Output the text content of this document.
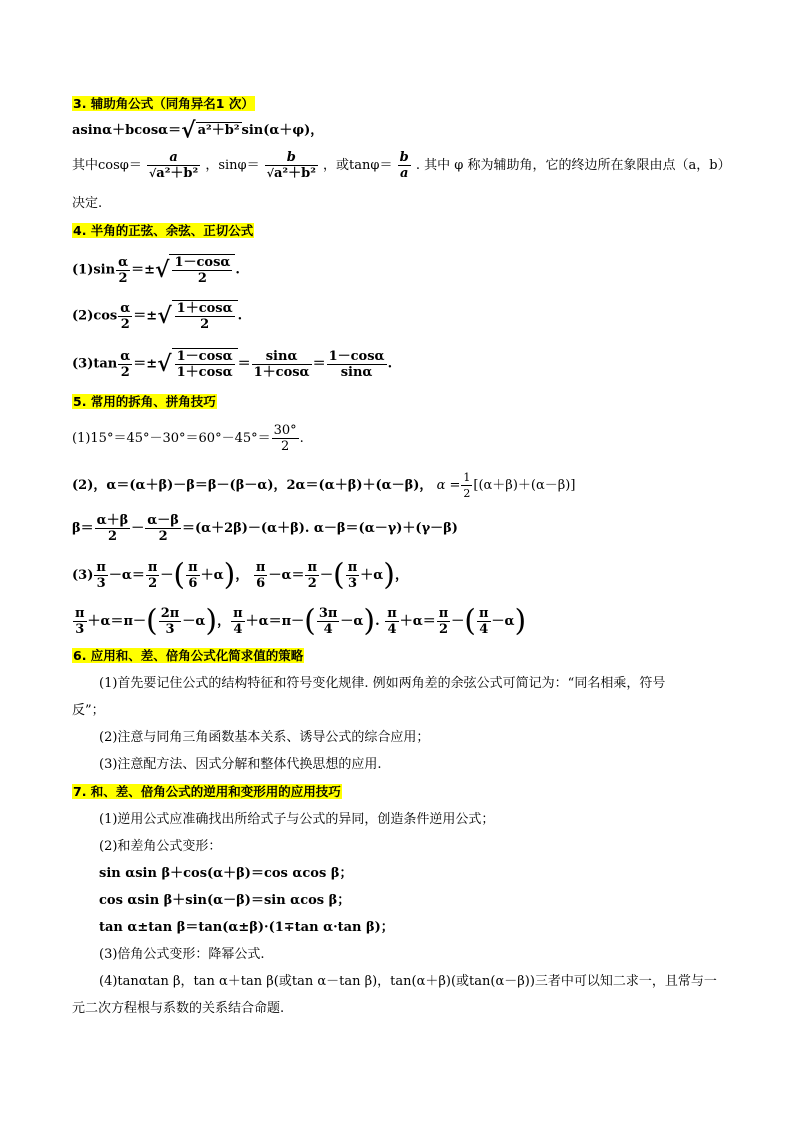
3. 辅助角公式（同角异名1 次）
asinα＋bcosα＝√ a²＋b² sin(α＋φ)，
其中$\cos\varphi= \frac{a}{\text{√a²＋b²}}$ ，$\sin\varphi= \frac{b}{\text{√a²＋b²}}$ ，或$\tan\varphi= \frac{b}{a}$ . 其中 φ 称为辅助角，它的终边所在象限由点（a，b）
决定.
4. 半角的正弦、余弦、正切公式
$(1)\sin \frac{\alpha}{2}$ ＝±√ $\frac{1-\cos\alpha}{2}$ .
$(2)\cos \frac{\alpha}{2}$ ＝±√ $\frac{1+\cos\alpha}{2}$ .
$(3)\tan \frac{\alpha}{2}$ ＝±√ $\frac{1-\cos\alpha}{1+\cos\alpha} = \frac{\sin\alpha}{1+\cos\alpha} = \frac{1-\cos\alpha}{\sin\alpha}$ .
5. 常用的拆角、拼角技巧
$(1)15^\circ=45^\circ-30^\circ=60^\circ-45^\circ= \frac{30^\circ}{2}$ .
(2)，α＝(α＋β)－β＝β－(β－α)，2α＝(α＋β)＋(α－β)， $\alpha = \frac{1}{2} [(\alpha+\beta)+(\alpha-\beta)]$
$\beta= \frac{\alpha+\beta}{2} - \frac{\alpha-\beta}{2} =(\alpha+2\beta)-(\alpha+\beta)$. α－β＝(α－γ)＋(γ－β)
$(3) \frac{\pi}{3} -\alpha= \frac{\pi}{2}$ －( $\frac{\pi}{6} +\alpha$)， $\frac{\pi}{6} -\alpha= \frac{\pi}{2}$ －( $\frac{\pi}{3} +\alpha$)，
$\frac{\pi}{3} +\alpha=\pi-( \frac{2\pi}{3} -\alpha)$， $\frac{\pi}{4} +\alpha=\pi-( \frac{3\pi}{4} -\alpha)$. $\frac{\pi}{4} +\alpha= \frac{\pi}{2}$ －( $\frac{\pi}{4} -\alpha$)
6. 应用和、差、倍角公式化简求值的策略
(1)首先要记住公式的结构特征和符号变化规律. 例如两角差的余弦公式可简记为：“同名相乘，符号
反”；
(2)注意与同角三角函数基本关系、诱导公式的综合应用；
(3)注意配方法、因式分解和整体代换思想的应用.
7. 和、差、倍角公式的逆用和变形用的应用技巧
(1)逆用公式应准确找出所给式子与公式的异同，创造条件逆用公式；
(2)和差角公式变形：
sin αsin β＋cos(α＋β)＝cos αcos β；
cos αsin β＋sin(α－β)＝sin αcos β；
tan α±tan β＝tan(α±β)·(1∓tan α·tan β)；
(3)倍角公式变形：降幂公式.
(4)tanαtan β，tan α＋tan β(或tan α－tan β)，tan(α＋β)(或tan(α－β))三者中可以知二求一，且常与一
元二次方程根与系数的关系结合命题.
